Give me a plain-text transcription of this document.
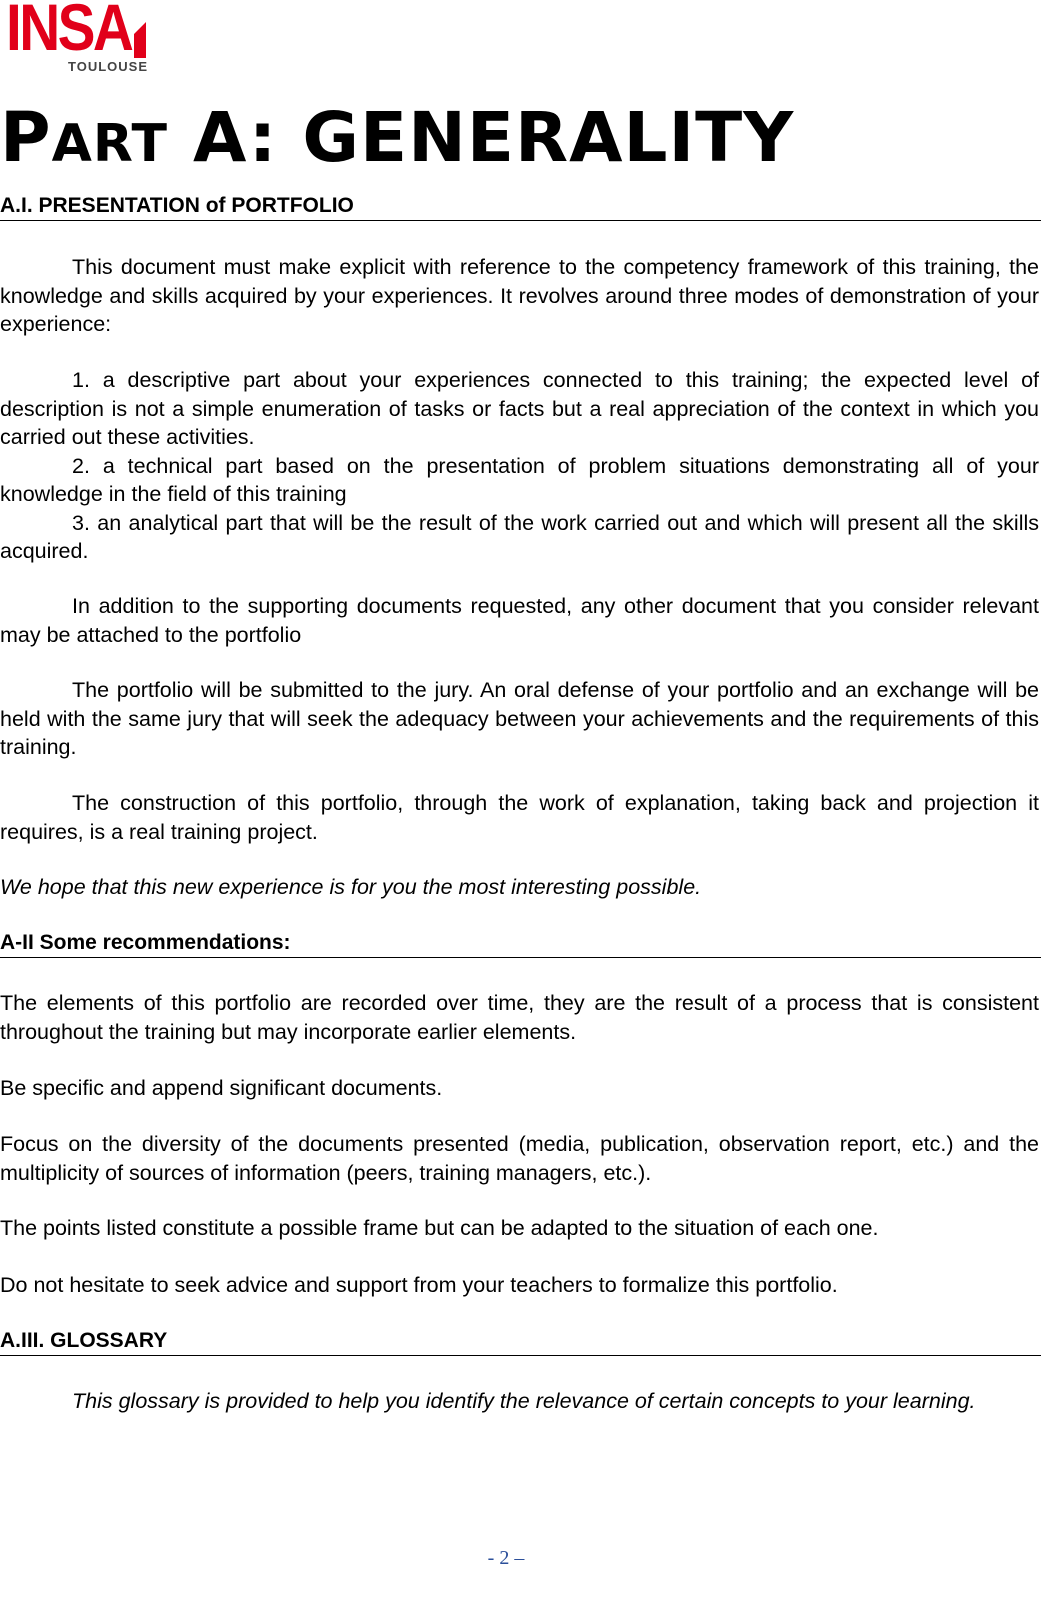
INSA
TOULOUSE
PART A: GENERALITY
A.I. PRESENTATION of PORTFOLIO

This document must make explicit with reference to the competency framework of this training, the knowledge and skills acquired by your experiences. It revolves around three modes of demonstration of your experience:

1. a descriptive part about your experiences connected to this training; the expected level of description is not a simple enumeration of tasks or facts but a real appreciation of the context in which you carried out these activities.

2. a technical part based on the presentation of problem situations demonstrating all of your knowledge in the field of this training

3. an analytical part that will be the result of the work carried out and which will present all the skills acquired.

In addition to the supporting documents requested, any other document that you consider relevant may be attached to the portfolio

The portfolio will be submitted to the jury. An oral defense of your portfolio and an exchange will be held with the same jury that will seek the adequacy between your achievements and the requirements of this training.

The construction of this portfolio, through the work of explanation, taking back and projection it requires, is a real training project.

We hope that this new experience is for you the most interesting possible.

A-II Some recommendations:

The elements of this portfolio are recorded over time, they are the result of a process that is consistent throughout the training but may incorporate earlier elements.

Be specific and append significant documents.

Focus on the diversity of the documents presented (media, publication, observation report, etc.) and the multiplicity of sources of information (peers, training managers, etc.).

The points listed constitute a possible frame but can be adapted to the situation of each one.

Do not hesitate to seek advice and support from your teachers to formalize this portfolio.

A.III. GLOSSARY

This glossary is provided to help you identify the relevance of certain concepts to your learning.

- 2 –
